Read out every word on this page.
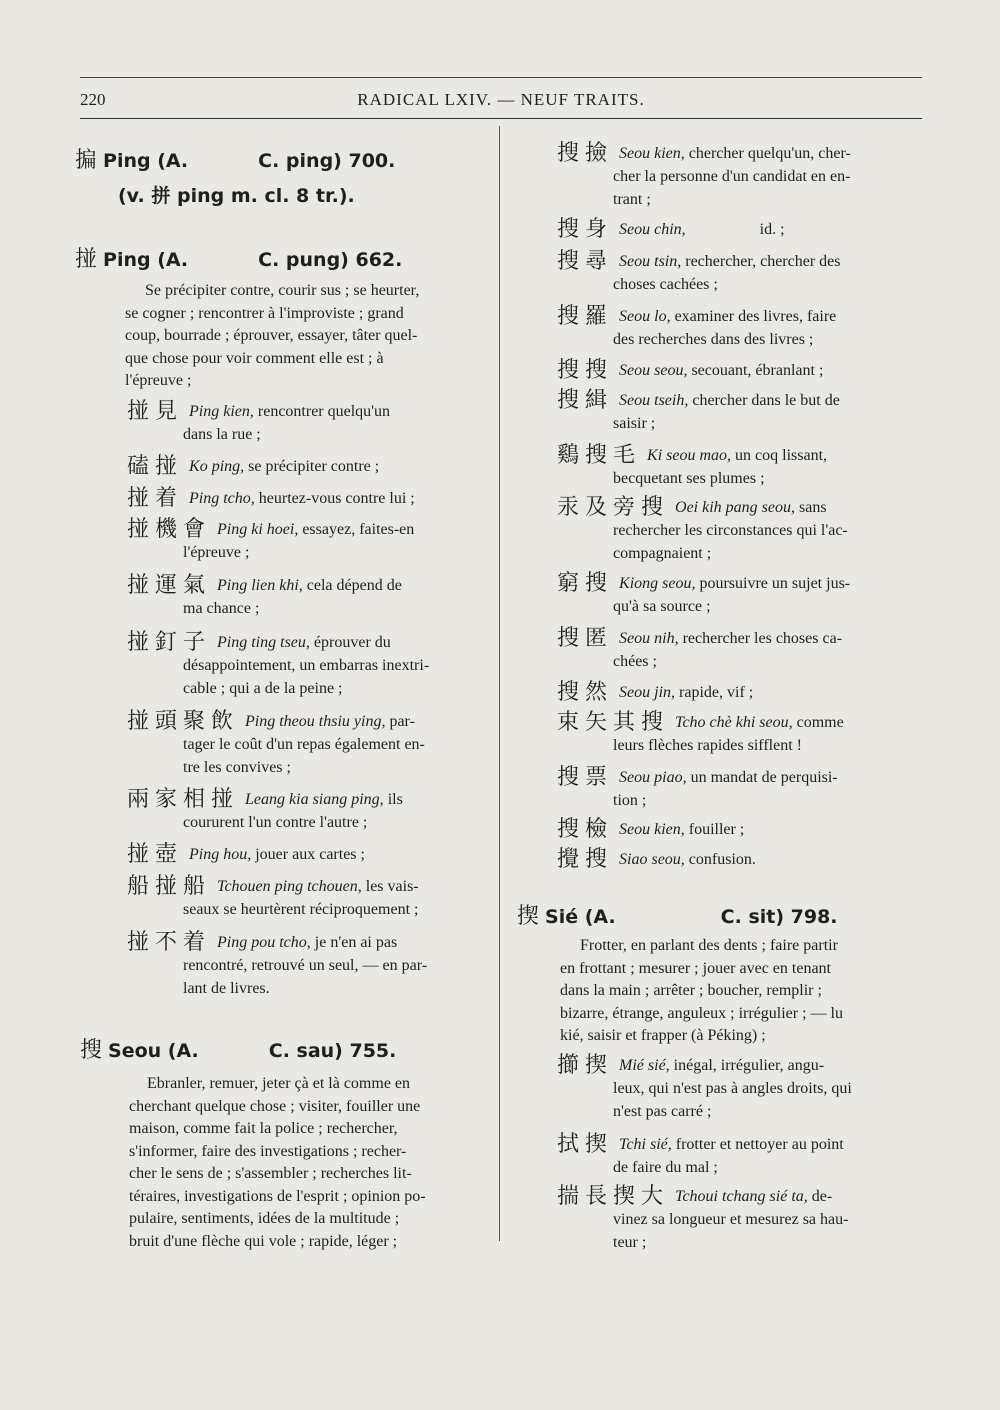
220	RADICAL LXIV. — NEUF TRAITS.
揙 Ping (A.	C. ping) 700.
(v. 拼 ping m. cl. 8 tr.).
掽 Ping (A.	C. pung) 662.
Se précipiter contre, courir sus ; se heurter,
se cogner ; rencontrer à l'improviste ; grand
coup, bourrade ; éprouver, essayer, tâter quel-
que chose pour voir comment elle est ; à
l'épreuve ;
掽見 Ping kien, rencontrer quelqu'un
dans la rue ;
磕掽 Ko ping, se précipiter contre ;
掽着 Ping tcho, heurtez-vous contre lui ;
掽機會 Ping ki hoei, essayez, faites-en
l'épreuve ;
掽運氣 Ping lien khi, cela dépend de
ma chance ;
掽釘子 Ping ting tseu, éprouver du
désappointement, un embarras inextri-
cable ; qui a de la peine ;
掽頭聚飲 Ping theou thsiu ying, par-
tager le coût d'un repas également en-
tre les convives ;
兩家相掽 Leang kia siang ping, ils
coururent l'un contre l'autre ;
掽壺 Ping hou, jouer aux cartes ;
船掽船 Tchouen ping tchouen, les vais-
seaux se heurtèrent réciproquement ;
掽不着 Ping pou tcho, je n'en ai pas
rencontré, retrouvé un seul, — en par-
lant de livres.
搜 Seou (A.	C. sau) 755.
Ebranler, remuer, jeter çà et là comme en
cherchant quelque chose ; visiter, fouiller une
maison, comme fait la police ; rechercher,
s'informer, faire des investigations ; recher-
cher le sens de ; s'assembler ; recherches lit-
téraires, investigations de l'esprit ; opinion po-
pulaire, sentiments, idées de la multitude ;
bruit d'une flèche qui vole ; rapide, léger ;
搜撿 Seou kien, chercher quelqu'un, cher-
cher la personne d'un candidat en en-
trant ;
搜身 Seou chin,	id. ;
搜尋 Seou tsin, rechercher, chercher des
choses cachées ;
搜羅 Seou lo, examiner des livres, faire
des recherches dans des livres ;
搜搜 Seou seou, secouant, ébranlant ;
搜緝 Seou tseih, chercher dans le but de
saisir ;
鷄搜毛 Ki seou mao, un coq lissant,
becquetant ses plumes ;
汞及旁搜 Oei kih pang seou, sans
rechercher les circonstances qui l'ac-
compagnaient ;
窮搜 Kiong seou, poursuivre un sujet jus-
qu'à sa source ;
搜匿 Seou nih, rechercher les choses ca-
chées ;
搜然 Seou jin, rapide, vif ;
束矢其搜 Tcho chè khi seou, comme
leurs flèches rapides sifflent !
搜票 Seou piao, un mandat de perquisi-
tion ;
搜檢 Seou kien, fouiller ;
攪搜 Siao seou, confusion.
揳 Sié (A.	C. sit) 798.
Frotter, en parlant des dents ; faire partir
en frottant ; mesurer ; jouer avec en tenant
dans la main ; arrêter ; boucher, remplir ;
bizarre, étrange, anguleux ; irrégulier ; — lu
kié, saisir et frapper (à Péking) ;
擳揳 Mié sié, inégal, irrégulier, angu-
leux, qui n'est pas à angles droits, qui
n'est pas carré ;
拭揳 Tchi sié, frotter et nettoyer au point
de faire du mal ;
揣長揳大 Tchoui tchang sié ta, de-
vinez sa longueur et mesurez sa hau-
teur ;
